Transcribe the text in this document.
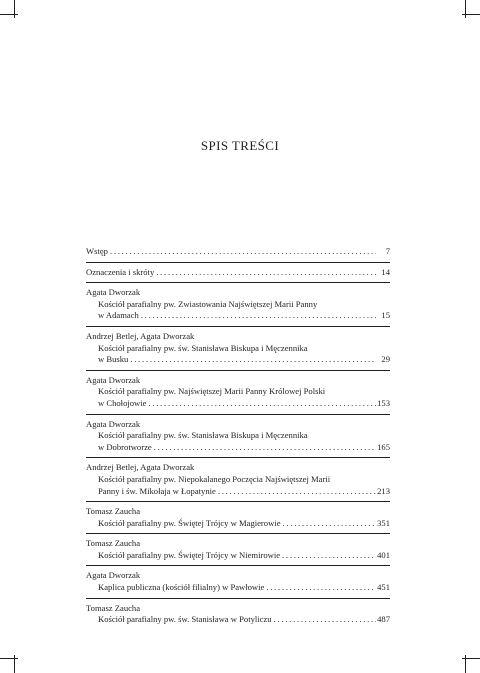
SPIS TREŚCI
Wstęp . . .	7
Oznaczenia i skróty . . .	14
Agata Dworzak
Kościół parafialny pw. Zwiastowania Najświętszej Marii Panny
w Adamach . . .	15
Andrzej Betlej, Agata Dworzak
Kościół parafialny pw. św. Stanisława Biskupa i Męczennika
w Busku . . .	29
Agata Dworzak
Kościół parafialny pw. Najświętszej Marii Panny Królowej Polski
w Chołojowie . . .	153
Agata Dworzak
Kościół parafialny pw. św. Stanisława Biskupa i Męczennika
w Dobrotworze . . .	165
Andrzej Betlej, Agata Dworzak
Kościół parafialny pw. Niepokalanego Poczęcia Najświętszej Marii
Panny i św. Mikołaja w Łopatynie . . .	213
Tomasz Zaucha
Kościół parafialny pw. Świętej Trójcy w Magierowie . . .	351
Tomasz Zaucha
Kościół parafialny pw. Świętej Trójcy w Niemirowie . . .	401
Agata Dworzak
Kaplica publiczna (kościół filialny) w Pawłowie . . .	451
Tomasz Zaucha
Kościół parafialny pw. św. Stanisława w Potyliczu . . .	487
